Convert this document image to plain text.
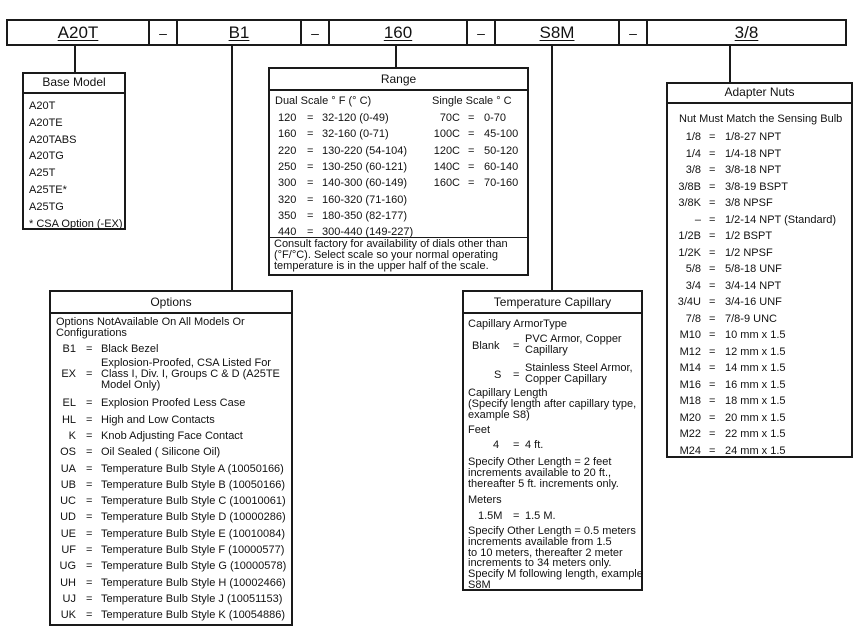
A20T	–	B1	–	160	–	S8M	–	3/8
Base Model
A20T
A20TE
A20TABS
A20TG
A25T
A25TE*
A25TG
* CSA Option (-EX)
Range
Dual Scale ° F (° C)	Single Scale ° C
Consult factory for availability of dials other than
(°F/°C). Select scale so your normal operating
temperature is in the upper half of the scale.
120 = 32-120 (0-49)
160 = 32-160 (0-71)
220 = 130-220 (54-104)
250 = 130-250 (60-121)
300 = 140-300 (60-149)
320 = 160-320 (71-160)
350 = 180-350 (82-177)
440 = 300-440 (149-227)
70C = 0-70
100C = 45-100
120C = 50-120
140C = 60-140
160C = 70-160
Adapter Nuts
Nut Must Match the Sensing Bulb
1/8 = 1/8-27 NPT
1/4 = 1/4-18 NPT
3/8 = 3/8-18 NPT
3/8B = 3/8-19 BSPT
3/8K = 3/8 NPSF
– = 1/2-14 NPT (Standard)
1/2B = 1/2 BSPT
1/2K = 1/2 NPSF
5/8 = 5/8-18 UNF
3/4 = 3/4-14 NPT
3/4U = 3/4-16 UNF
7/8 = 7/8-9 UNC
M10 = 10 mm x 1.5
M12 = 12 mm x 1.5
M14 = 14 mm x 1.5
M16 = 16 mm x 1.5
M18 = 18 mm x 1.5
M20 = 20 mm x 1.5
M22 = 22 mm x 1.5
M24 = 24 mm x 1.5
Options
Options NotAvailable On All Models Or
Configurations
B1 = Black Bezel
EX =
Explosion-Proofed, CSA Listed For
Class I, Div. I, Groups C & D (A25TE
Model Only)
EL = Explosion Proofed Less Case
HL = High and Low Contacts
K = Knob Adjusting Face Contact
OS = Oil Sealed ( Silicone Oil)
UA = Temperature Bulb Style A (10050166)
UB = Temperature Bulb Style B (10050166)
UC = Temperature Bulb Style C (10010061)
UD = Temperature Bulb Style D (10000286)
UE = Temperature Bulb Style E (10010084)
UF = Temperature Bulb Style F (10000577)
UG = Temperature Bulb Style G (10000578)
UH = Temperature Bulb Style H (10002466)
UJ = Temperature Bulb Style J (10051153)
UK = Temperature Bulb Style K (10054886)
Temperature Capillary
Capillary ArmorType
Blank =
PVC Armor, Copper
Capillary
S =
Stainless Steel Armor,
Copper Capillary
Capillary Length
(Specify length after capillary type,
example S8)
Feet
4 = 4 ft.
Specify Other Length = 2 feet
increments available to 20 ft.,
thereafter 5 ft. increments only.
Meters
1.5M = 1.5 M.
Specify Other Length = 0.5 meters
increments available from 1.5
to 10 meters, thereafter 2 meter
increments to 34 meters only.
Specify M following length, example
S8M
